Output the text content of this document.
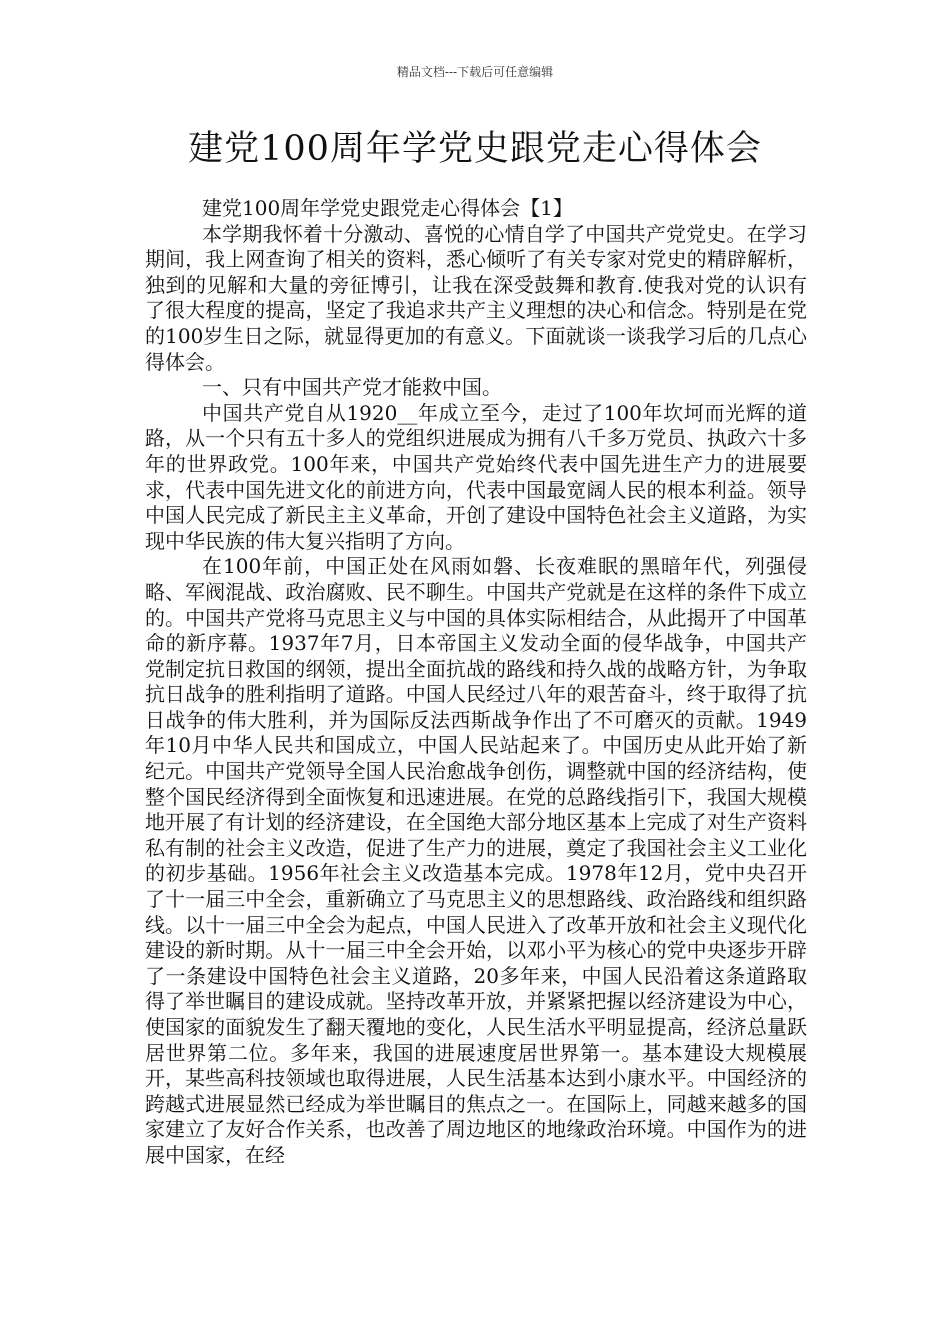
精品文档---下载后可任意编辑
建党100周年学党史跟党走心得体会

建党100周年学党史跟党走心得体会【1】

本学期我怀着十分激动、喜悦的心情自学了中国共产党党史。在学习期间，我上网查询了相关的资料，悉心倾听了有关专家对党史的精辟解析，独到的见解和大量的旁征博引，让我在深受鼓舞和教育.使我对党的认识有了很大程度的提高，坚定了我追求共产主义理想的决心和信念。特别是在党的100岁生日之际，就显得更加的有意义。下面就谈一谈我学习后的几点心得体会。

一、只有中国共产党才能救中国。

中国共产党自从1920__年成立至今，走过了100年坎坷而光辉的道路，从一个只有五十多人的党组织进展成为拥有八千多万党员、执政六十多年的世界政党。100年来，中国共产党始终代表中国先进生产力的进展要求，代表中国先进文化的前进方向，代表中国最宽阔人民的根本利益。领导中国人民完成了新民主主义革命，开创了建设中国特色社会主义道路，为实现中华民族的伟大复兴指明了方向。

在100年前，中国正处在风雨如磐、长夜难眠的黑暗年代，列强侵略、军阀混战、政治腐败、民不聊生。中国共产党就是在这样的条件下成立的。中国共产党将马克思主义与中国的具体实际相结合，从此揭开了中国革命的新序幕。1937年7月，日本帝国主义发动全面的侵华战争，中国共产党制定抗日救国的纲领，提出全面抗战的路线和持久战的战略方针，为争取抗日战争的胜利指明了道路。中国人民经过八年的艰苦奋斗，终于取得了抗日战争的伟大胜利，并为国际反法西斯战争作出了不可磨灭的贡献。1949年10月中华人民共和国成立，中国人民站起来了。中国历史从此开始了新纪元。中国共产党领导全国人民治愈战争创伤，调整就中国的经济结构，使整个国民经济得到全面恢复和迅速进展。在党的总路线指引下，我国大规模地开展了有计划的经济建设，在全国绝大部分地区基本上完成了对生产资料私有制的社会主义改造，促进了生产力的进展，奠定了我国社会主义工业化的初步基础。1956年社会主义改造基本完成。1978年12月，党中央召开了十一届三中全会，重新确立了马克思主义的思想路线、政治路线和组织路线。以十一届三中全会为起点，中国人民进入了改革开放和社会主义现代化建设的新时期。从十一届三中全会开始，以邓小平为核心的党中央逐步开辟了一条建设中国特色社会主义道路，20多年来，中国人民沿着这条道路取得了举世瞩目的建设成就。坚持改革开放，并紧紧把握以经济建设为中心，使国家的面貌发生了翻天覆地的变化，人民生活水平明显提高，经济总量跃居世界第二位。多年来，我国的进展速度居世界第一。基本建设大规模展开，某些高科技领域也取得进展，人民生活基本达到小康水平。中国经济的跨越式进展显然已经成为举世瞩目的焦点之一。在国际上，同越来越多的国家建立了友好合作关系，也改善了周边地区的地缘政治环境。中国作为的进展中国家，在经
